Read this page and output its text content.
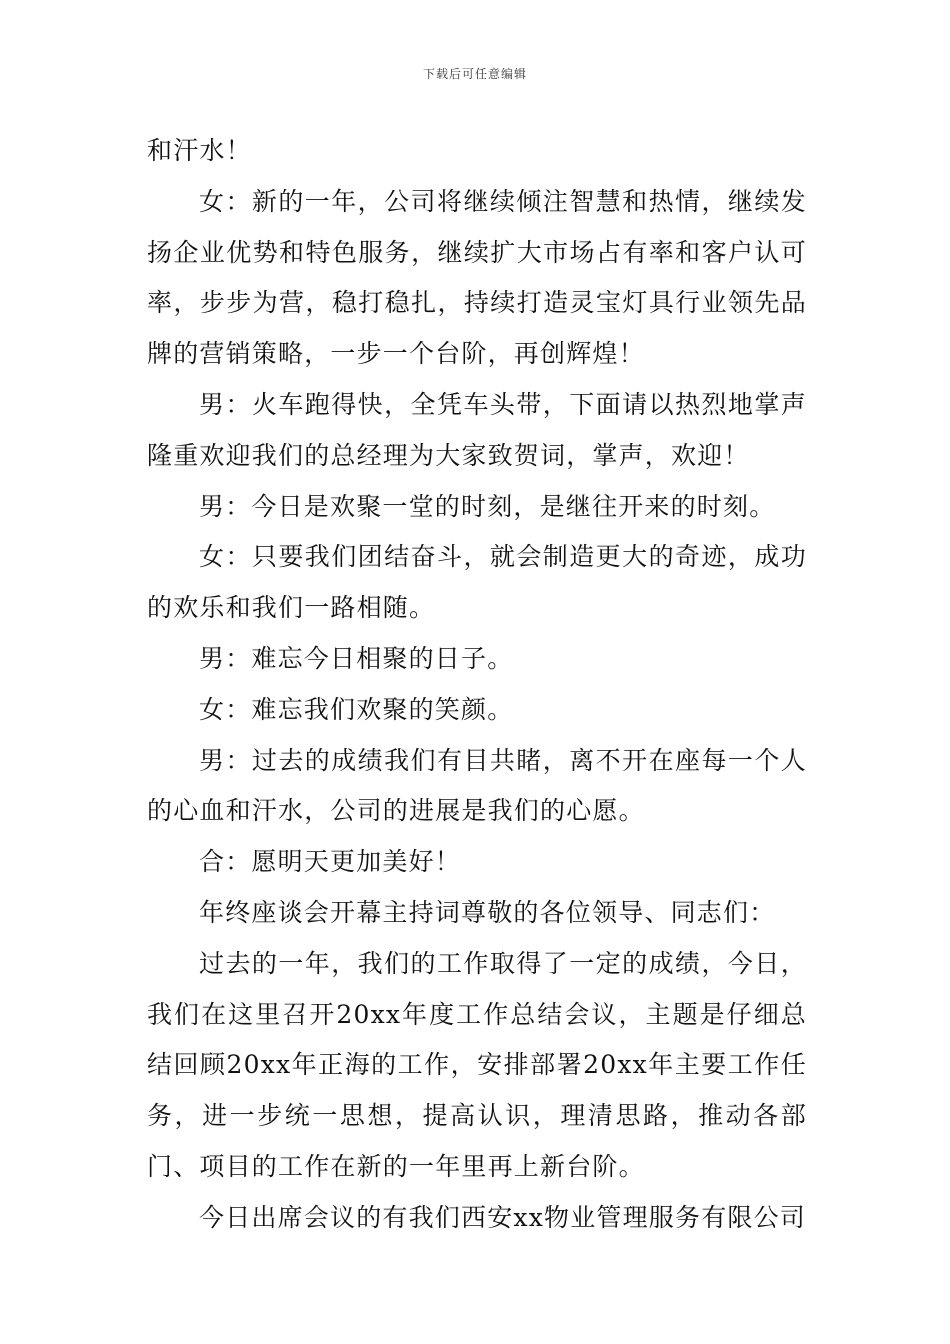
下载后可任意编辑

和汗水！

女：新的一年，公司将继续倾注智慧和热情，继续发扬企业优势和特色服务，继续扩大市场占有率和客户认可率，步步为营，稳打稳扎，持续打造灵宝灯具行业领先品牌的营销策略，一步一个台阶，再创辉煌！

男：火车跑得快，全凭车头带，下面请以热烈地掌声隆重欢迎我们的总经理为大家致贺词，掌声，欢迎！

男：今日是欢聚一堂的时刻，是继往开来的时刻。

女：只要我们团结奋斗，就会制造更大的奇迹，成功的欢乐和我们一路相随。

男：难忘今日相聚的日子。

女：难忘我们欢聚的笑颜。

男：过去的成绩我们有目共睹，离不开在座每一个人的心血和汗水，公司的进展是我们的心愿。

合：愿明天更加美好！

年终座谈会开幕主持词尊敬的各位领导、同志们：

过去的一年，我们的工作取得了一定的成绩，今日，我们在这里召开20xx年度工作总结会议，主题是仔细总结回顾20xx年正海的工作，安排部署20xx年主要工作任务，进一步统一思想，提高认识，理清思路，推动各部门、项目的工作在新的一年里再上新台阶。

今日出席会议的有我们西安xx物业管理服务有限公司
